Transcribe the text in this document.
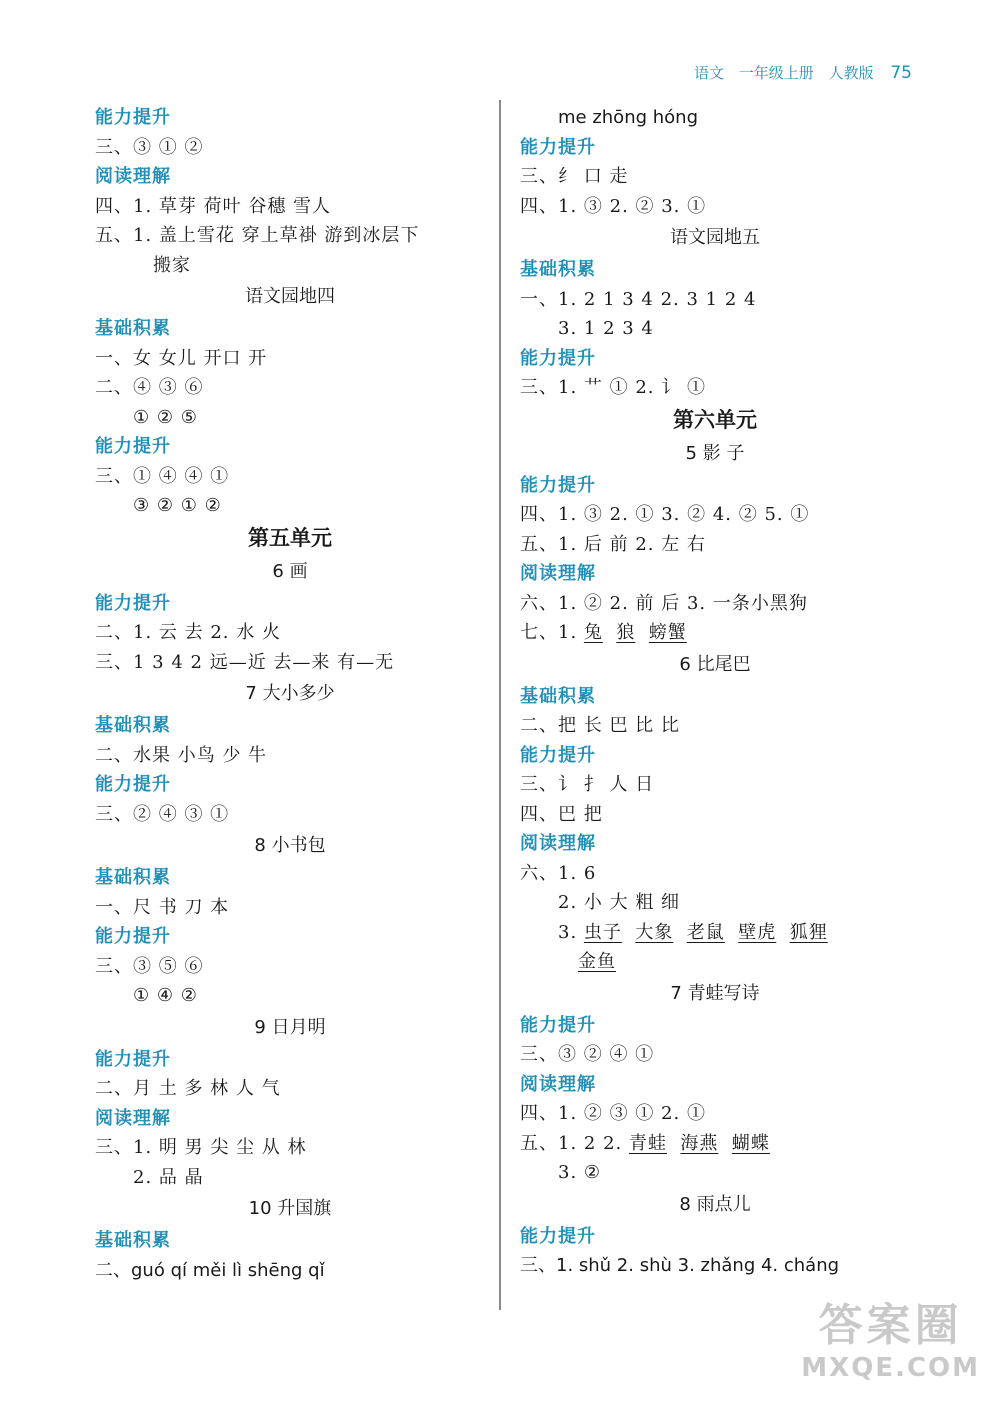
语文 一年级上册 人教版 75
能力提升
三、③ ① ②
阅读理解
四、1. 草芽 荷叶 谷穗 雪人
五、1. 盖上雪花 穿上草褂 游到冰层下
搬家
语文园地四
基础积累
一、女 女儿 开口 开
二、④ ③ ⑥
① ② ⑤
能力提升
三、① ④ ④ ①
③ ② ① ②
第五单元
6 画
能力提升
二、1. 云 去 2. 水 火
三、1 3 4 2 远—近 去—来 有—无
7 大小多少
基础积累
二、水果 小鸟 少 牛
能力提升
三、② ④ ③ ①
8 小书包
基础积累
一、尺 书 刀 本
能力提升
三、③ ⑤ ⑥
① ④ ②
9 日月明
能力提升
二、月 土 多 林 人 气
阅读理解
三、1. 明 男 尖 尘 从 林
2. 品 晶
10 升国旗
基础积累
二、guó qí měi lì shēng qǐ
me zhōng hóng
能力提升
三、纟 口 走
四、1. ③ 2. ② 3. ①
语文园地五
基础积累
一、1. 2 1 3 4 2. 3 1 2 4
3. 1 2 3 4
能力提升
三、1. 艹 ① 2. 讠 ①
第六单元
5 影 子
能力提升
四、1. ③ 2. ① 3. ② 4. ② 5. ①
五、1. 后 前 2. 左 右
阅读理解
六、1. ② 2. 前 后 3. 一条小黑狗
七、1. 兔 狼 螃蟹
6 比尾巴
基础积累
二、把 长 巴 比 比
能力提升
三、讠 扌 人 日
四、巴 把
阅读理解
六、1. 6
2. 小 大 粗 细
3. 虫子 大象 老鼠 壁虎 狐狸
金鱼
7 青蛙写诗
能力提升
三、③ ② ④ ①
阅读理解
四、1. ② ③ ① 2. ①
五、1. 2 2. 青蛙 海燕 蝴蝶
3. ②
8 雨点儿
能力提升
三、1. shǔ 2. shù 3. zhǎng 4. cháng
答案圈
MXQE.COM
